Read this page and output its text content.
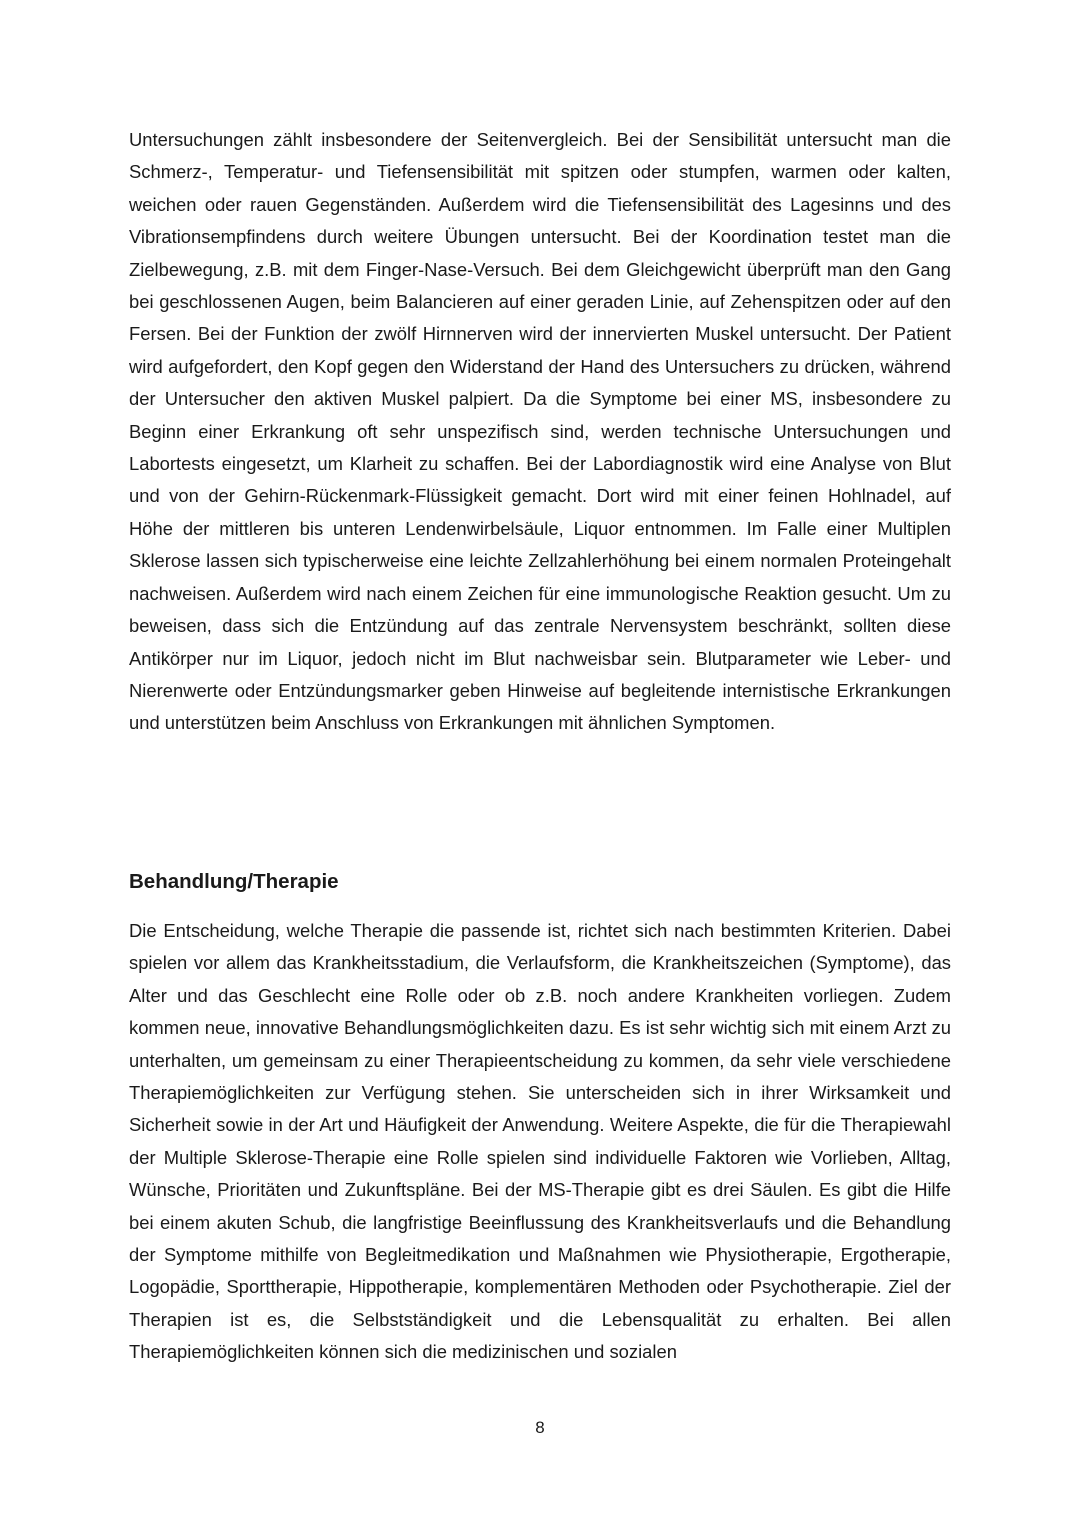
Untersuchungen zählt insbesondere der Seitenvergleich. Bei der Sensibilität untersucht man die Schmerz-, Temperatur- und Tiefensensibilität mit spitzen oder stumpfen, warmen oder kalten, weichen oder rauen Gegenständen. Außerdem wird die Tiefensensibilität des Lagesinns und des Vibrationsempfindens durch weitere Übungen untersucht. Bei der Koordination testet man die Zielbewegung, z.B. mit dem Finger-Nase-Versuch. Bei dem Gleichgewicht überprüft man den Gang bei geschlossenen Augen, beim Balancieren auf einer geraden Linie, auf Zehenspitzen oder auf den Fersen. Bei der Funktion der zwölf Hirnnerven wird der innervierten Muskel untersucht. Der Patient wird aufgefordert, den Kopf gegen den Widerstand der Hand des Untersuchers zu drücken, während der Untersucher den aktiven Muskel palpiert. Da die Symptome bei einer MS, insbesondere zu Beginn einer Erkrankung oft sehr unspezifisch sind, werden technische Untersuchungen und Labortests eingesetzt, um Klarheit zu schaffen. Bei der Labordiagnostik wird eine Analyse von Blut und von der Gehirn-Rückenmark-Flüssigkeit gemacht. Dort wird mit einer feinen Hohlnadel, auf Höhe der mittleren bis unteren Lendenwirbelsäule, Liquor entnommen. Im Falle einer Multiplen Sklerose lassen sich typischerweise eine leichte Zellzahlerhöhung bei einem normalen Proteingehalt nachweisen. Außerdem wird nach einem Zeichen für eine immunologische Reaktion gesucht. Um zu beweisen, dass sich die Entzündung auf das zentrale Nervensystem beschränkt, sollten diese Antikörper nur im Liquor, jedoch nicht im Blut nachweisbar sein. Blutparameter wie Leber- und Nierenwerte oder Entzündungsmarker geben Hinweise auf begleitende internistische Erkrankungen und unterstützen beim Anschluss von Erkrankungen mit ähnlichen Symptomen.

Behandlung/Therapie

Die Entscheidung, welche Therapie die passende ist, richtet sich nach bestimmten Kriterien. Dabei spielen vor allem das Krankheitsstadium, die Verlaufsform, die Krankheitszeichen (Symptome), das Alter und das Geschlecht eine Rolle oder ob z.B. noch andere Krankheiten vorliegen. Zudem kommen neue, innovative Behandlungsmöglichkeiten dazu. Es ist sehr wichtig sich mit einem Arzt zu unterhalten, um gemeinsam zu einer Therapieentscheidung zu kommen, da sehr viele verschiedene Therapiemöglichkeiten zur Verfügung stehen. Sie unterscheiden sich in ihrer Wirksamkeit und Sicherheit sowie in der Art und Häufigkeit der Anwendung. Weitere Aspekte, die für die Therapiewahl der Multiple Sklerose-Therapie eine Rolle spielen sind individuelle Faktoren wie Vorlieben, Alltag, Wünsche, Prioritäten und Zukunftspläne. Bei der MS-Therapie gibt es drei Säulen. Es gibt die Hilfe bei einem akuten Schub, die langfristige Beeinflussung des Krankheitsverlaufs und die Behandlung der Symptome mithilfe von Begleitmedikation und Maßnahmen wie Physiotherapie, Ergotherapie, Logopädie, Sporttherapie, Hippotherapie, komplementären Methoden oder Psychotherapie. Ziel der Therapien ist es, die Selbstständigkeit und die Lebensqualität zu erhalten. Bei allen Therapiemöglichkeiten können sich die medizinischen und sozialen

8
